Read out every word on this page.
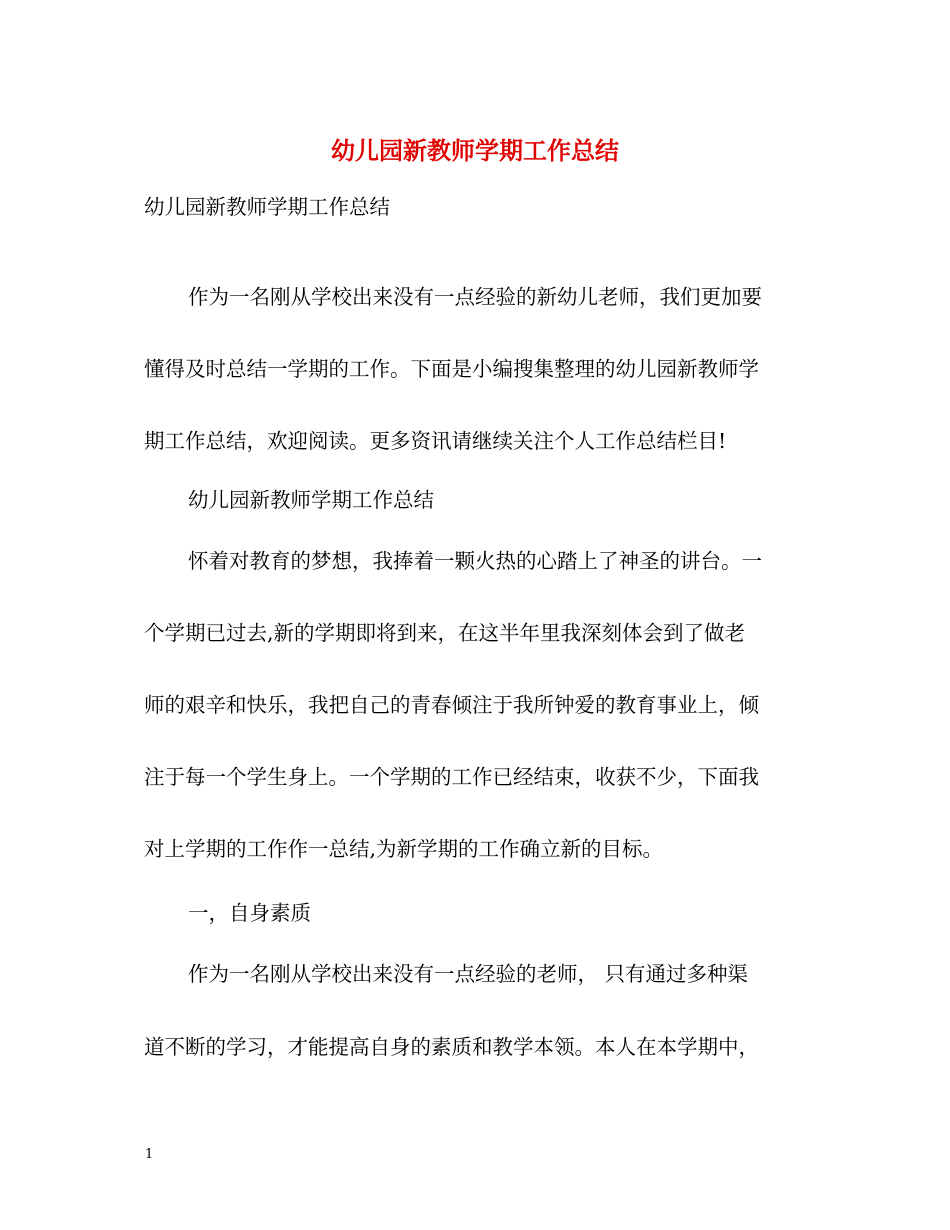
幼儿园新教师学期工作总结
幼儿园新教师学期工作总结
作为一名刚从学校出来没有一点经验的新幼儿老师，我们更加要
懂得及时总结一学期的工作。下面是小编搜集整理的幼儿园新教师学
期工作总结，欢迎阅读。更多资讯请继续关注个人工作总结栏目!
幼儿园新教师学期工作总结
怀着对教育的梦想，我捧着一颗火热的心踏上了神圣的讲台。一
个学期已过去,新的学期即将到来，在这半年里我深刻体会到了做老
师的艰辛和快乐，我把自己的青春倾注于我所钟爱的教育事业上，倾
注于每一个学生身上。一个学期的工作已经结束，收获不少，下面我
对上学期的工作作一总结,为新学期的工作确立新的目标。
一，自身素质
作为一名刚从学校出来没有一点经验的老师， 只有通过多种渠
道不断的学习，才能提高自身的素质和教学本领。本人在本学期中，
1
